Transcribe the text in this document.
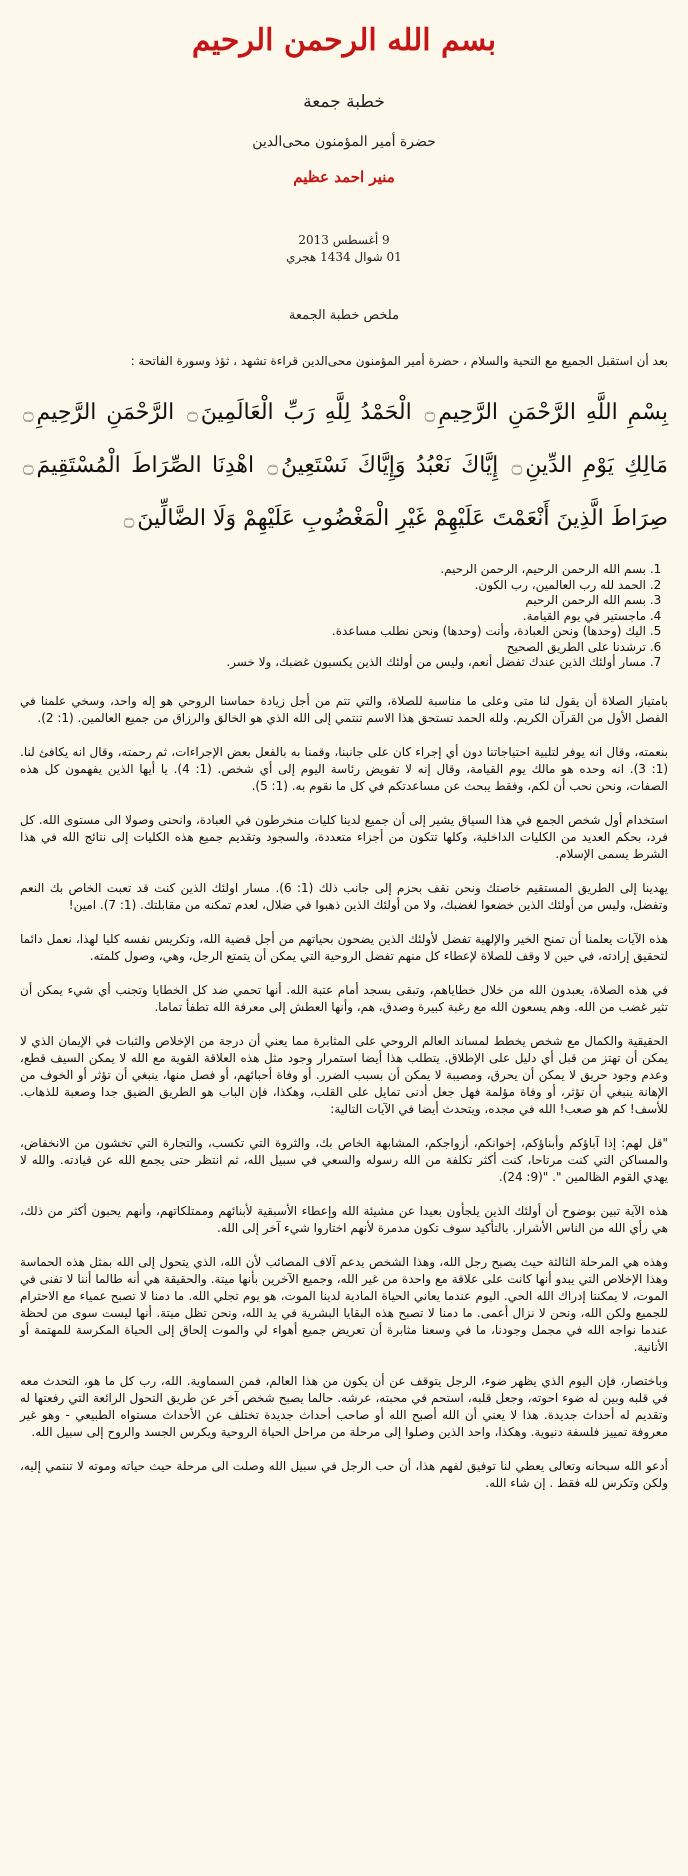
بسم الله الرحمن الرحيم
خطبة جمعة
حضرة أمير المؤمنون محى‌الدين
منير احمد عظيم
9 أغسطس 2013
01 شوال 1434 هجري
ملخص خطبة الجمعة

بعد أن استقبل الجميع مع التحية والسلام ، حضرة أمير المؤمنون محى‌الدين قراءة تشهد ، ثؤذ وسورة الفاتحة :

بِسْمِ اللَّهِ الرَّحْمَنِ الرَّحِيمِ۝ الْحَمْدُ لِلَّهِ رَبِّ الْعَالَمِينَ۝ الرَّحْمَنِ الرَّحِيمِ۝ مَالِكِ يَوْمِ الدِّينِ۝ إِيَّاكَ نَعْبُدُ وَإِيَّاكَ نَسْتَعِينُ۝ اهْدِنَا الصِّرَاطَ الْمُسْتَقِيمَ۝ صِرَاطَ الَّذِينَ أَنْعَمْتَ عَلَيْهِمْ غَيْرِ الْمَغْضُوبِ عَلَيْهِمْ وَلَا الضَّالِّينَ۝
1. بسم الله الرحمن الرحيم، الرحمن الرحيم.
2. الحمد لله رب العالمين، رب الكون.
3. بسم الله الرحمن الرحيم
4. ماجستير في يوم القيامة.
5. اليك (وحدها) ونحن العبادة، وأنت (وحدها) ونحن نطلب مساعدة.
6. ترشدنا على الطريق الصحيح
7. مسار أولئك الذين عندك تفضل أنعم، وليس من أولئك الذين يكسبون غضبك، ولا خسر.

بامتياز الصلاة أن يقول لنا متى وعلى ما مناسبة للصلاة، والتي تتم من أجل زيادة حماسنا الروحي هو إله واحد، وسخي علمنا في الفصل الأول من القرآن الكريم. ولله الحمد تستحق هذا الاسم تنتمي إلى الله الذي هو الخالق والرزاق من جميع العالمين. (1: 2).

بنعمته، وقال انه يوفر لتلبية احتياجاتنا دون أي إجراء كان على جانبنا، وقمنا به بالفعل بعض الإجراءات، ثم رحمته، وقال انه يكافئ لنا. (1: 3). انه وحده هو مالك يوم القيامة، وقال إنه لا تفويض رئاسة اليوم إلى أي شخص. (1: 4). يا أيها الذين يفهمون كل هذه الصفات، ونحن نحب أن لكم، وفقط يبحث عن مساعدتكم في كل ما نقوم به. (1: 5).

استخدام أول شخص الجمع في هذا السياق يشير إلى أن جميع لدينا كليات منخرطون في العبادة، وانحنى وصولا الى مستوى الله. كل فرد، بحكم العديد من الكليات الداخلية، وكلها تتكون من أجزاء متعددة، والسجود وتقديم جميع هذه الكليات إلى نتائج الله في هذا الشرط يسمى الإسلام.

يهدينا إلى الطريق المستقيم خاصتك ونحن نقف بحزم إلى جانب ذلك (1: 6). مسار اولئك الذين كنت قد تعبت الخاص بك النعم وتفضل، وليس من أولئك الذين خضعوا لغضبك، ولا من أولئك الذين ذهبوا في ضلال، لعدم تمكنه من مقابلتك. (1: 7). امين!

هذه الآيات يعلمنا أن تمنح الخير والإلهية تفضل لأولئك الذين يضحون بحياتهم من أجل قضية الله، وتكريس نفسه كليا لهذا، نعمل دائما لتحقيق إرادته، في حين لا وقف للصلاة لإعطاء كل منهم تفضل الروحية التي يمكن أن يتمتع الرجل، وهي، وصول كلمته.

في هذه الصلاة، يعبدون الله من خلال خطاياهم، وتبقى بسجد أمام عتبة الله. أنها تحمي ضد كل الخطايا وتجنب أي شيء يمكن أن تثير غضب من الله. وهم يسعون الله مع رغبة كبيرة وصدق، هم، وأنها العطش إلى معرفة الله تطفأ تماما.

الحقيقية والكمال مع شخص يخطط لمساند العالم الروحي على المثابرة مما يعني أن درجة من الإخلاص والثبات في الإيمان الذي لا يمكن أن تهتز من قبل أي دليل على الإطلاق. يتطلب هذا أيضا استمرار وجود مثل هذه العلاقة القوية مع الله لا يمكن السيف قطع، وعدم وجود حريق لا يمكن أن يحرق، ومصيبة لا يمكن أن بسبب الضرر. أو وفاة أحبائهم، أو فصل منها، ينبغي أن تؤثر أو الخوف من الإهانة ينبغي أن تؤثر، أو وفاة مؤلمة فهل جعل أدنى تمايل على القلب، وهكذا، فإن الباب هو الطريق الضيق جدا وصعبة للذهاب. للأسف! كم هو صعب! الله في مجده، ويتحدث أيضا في الآيات التالية:

"قل لهم: إذا آباؤكم وأبناؤكم، إخوانكم، أزواجكم، المشابهة الخاص بك، والثروة التي تكسب، والتجارة التي تخشون من الانخفاض، والمساكن التي كنت مرتاحا، كنت أكثر تكلفة من الله رسوله والسعي في سبيل الله، ثم انتظر حتى يجمع الله عن قيادته. والله لا يهدي القوم الظالمين ". "(9: 24).

هذه الآية تبين بوضوح أن أولئك الذين يلجأون بعيدا عن مشيئة الله وإعطاء الأسبقية لأبنائهم وممتلكاتهم، وأنهم يحبون أكثر من ذلك، هي رأي الله من الناس الأشرار. بالتأكيد سوف تكون مدمرة لأنهم اختاروا شيء آخر إلى الله.

وهذه هي المرحلة الثالثة حيث يصبح رجل الله، وهذا الشخص يدعم آلاف المصائب لأن الله، الذي يتحول إلى الله بمثل هذه الحماسة وهذا الإخلاص التي يبدو أنها كانت على علاقة مع واحدة من غير الله، وجميع الآخرين بأنها ميتة. والحقيقة هي أنه طالما أننا لا تفنى في الموت، لا يمكننا إدراك الله الحي. اليوم عندما يعاني الحياة المادية لدينا الموت، هو يوم تجلي الله. ما دمنا لا تصبح عمياء مع الاحترام للجميع ولكن الله، ونحن لا نزال أعمى. ما دمنا لا تصبح هذه البقايا البشرية في يد الله، ونحن تظل ميتة. أنها ليست سوى من لحظة عندما نواجه الله في مجمل وجودنا، ما في وسعنا مثابرة أن تعريض جميع أهواء لي والموت إلحاق إلى الحياة المكرسة للمهتمة أو الأنانية.

وباختصار، فإن اليوم الذي يظهر ضوء، الرجل يتوقف عن أن يكون من هذا العالم، فمن السماوية. الله، رب كل ما هو، التحدث معه في قلبه وبين له ضوء احوته، وجعل قلبه، استحم في محبته، عرشه. حالما يصبح شخص آخر عن طريق التحول الرائعة التي رفعتها له وتقديم له أحداث جديدة. هذا لا يعني أن الله أصبح الله أو صاحب أحداث جديدة تختلف عن الأحداث مستواه الطبيعي - وهو غير معروفة تمييز فلسفة دنيوية. وهكذا، واحد الذين وصلوا إلى مرحلة من مراحل الحياة الروحية ويكرس الجسد والروح إلى سبيل الله.

أدعو الله سبحانه وتعالى يعطي لنا توفيق لفهم هذا، أن حب الرجل في سبيل الله وصلت الى مرحلة حيث حياته وموته لا تنتمي إليه، ولكن وتكرس لله فقط . إن شاء الله.
